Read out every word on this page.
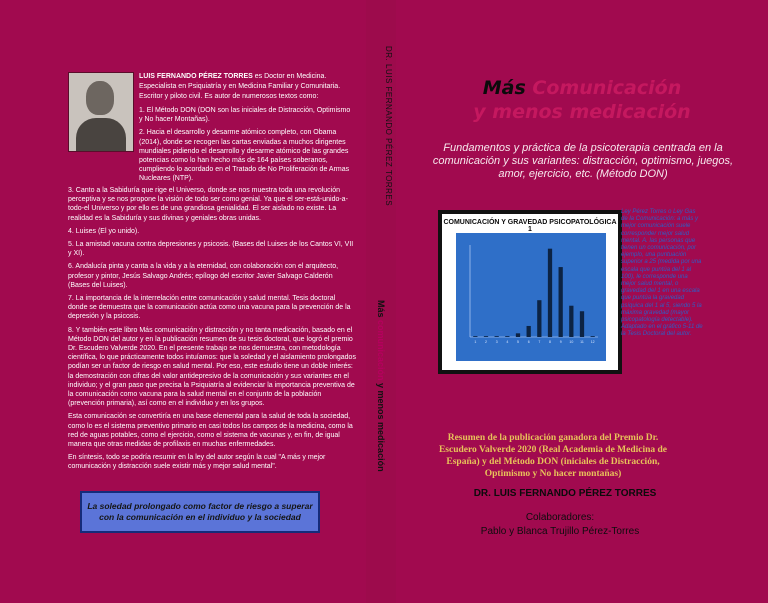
LUIS FERNANDO PÉREZ TORRES es Doctor en Medicina. Especialista en Psiquiatría y en Medicina Familiar y Comunitaria. Escritor y piloto civil. Es autor de numerosos textos como:

1. El Método DON (DON son las iniciales de Distracción, Optimismo y No hacer Montañas).

2. Hacia el desarrollo y desarme atómico completo, con Obama (2014), donde se recogen las cartas enviadas a muchos dirigentes mundiales pidiendo el desarrollo y desarme atómico de las grandes potencias como lo han hecho más de 164 países soberanos, cumpliendo lo acordado en el Tratado de No Proliferación de Armas Nucleares (NTP).

3. Canto a la Sabiduría que rige el Universo, donde se nos muestra toda una revolución perceptiva y se nos propone la visión de todo ser como genial. Ya que el ser-está-unido-a-todo-el Universo y por ello es de una grandiosa genialidad. El ser aislado no existe. La realidad es la Sabiduría y sus divinas y geniales obras unidas.

4. Luises (El yo unido).

5. La amistad vacuna contra depresiones y psicosis. (Bases del Luises de los Cantos VI, VII y XI).

6. Andalucía pinta y canta a la vida y a la eternidad, con colaboración con el arquitecto, profesor y pintor, Jesús Salvago Andrés; epílogo del escritor Javier Salvago Calderón (Bases del Luises).

7. La importancia de la interrelación entre comunicación y salud mental. Tesis doctoral donde se demuestra que la comunicación actúa como una vacuna para la prevención de la depresión y la psicosis.

8. Y también este libro Más comunicación y distracción y no tanta medicación, basado en el Método DON del autor y en la publicación resumen de su tesis doctoral, que logró el premio Dr. Escudero Valverde 2020. En el presente trabajo se nos demuestra, con metodología científica, lo que prácticamente todos intuíamos: que la soledad y el aislamiento prolongados podían ser un factor de riesgo en salud mental. Por eso, este estudio tiene un doble interés: la demostración con cifras del valor antidepresivo de la comunicación y sus variantes en el individuo; y el gran paso que precisa la Psiquiatría al evidenciar la importancia preventiva de la comunicación como vacuna para la salud mental en el conjunto de la población (prevención primaria), así como en el individuo y en los grupos.

Esta comunicación se convertiría en una base elemental para la salud de toda la sociedad, como lo es el sistema preventivo primario en casi todos los campos de la medicina, como la red de aguas potables, como el ejercicio, como el sistema de vacunas y, en fin, de igual manera que otras medidas de profilaxis en muchas enfermedades.

En síntesis, todo se podría resumir en la ley del autor según la cual "A más y mejor comunicación y distracción suele existir más y mejor salud mental".

La soledad prolongado como factor de riesgo a superar con la comunicación en el individuo y la sociedad
DR. LUIS FERNANDO PÉREZ TORRES
Más comunicación y menos medicación
Más Comunicación
y menos medicación
Fundamentos y práctica de la psicoterapia centrada en la comunicación y sus variantes: distracción, optimismo, juegos, amor, ejercicio, etc. (Método DON)
COMUNICACIÓN Y GRAVEDAD PSICOPATOLÓGICA 1
1 2 3 4 5 6 7 8 9 10 11 12
Ley Pérez Torres o Ley Gas de la Comunicación: a más y mejor comunicación suele corresponder mejor salud mental. A. las personas que tienen un comunicación, por ejemplo, una puntuación superior a 25 (medida por una escala que puntúa del 1 al 100), le corresponde una mejor salud mental, o gravedad del 1 en una escala que puntúa la gravedad psíquica del 1 al 5, siendo 5 la máxima gravedad (mayor psicopatología detectable). Adaptado en el gráfico 5-11 de la Tesis Doctoral del autor.
Resumen de la publicación ganadora del Premio Dr. Escudero Valverde 2020 (Real Academia de Medicina de España) y del Método DON (iniciales de Distracción, Optimismo y No hacer montañas)
DR. LUIS FERNANDO PÉREZ TORRES
Colaboradores:
Pablo y Blanca Trujillo Pérez-Torres
